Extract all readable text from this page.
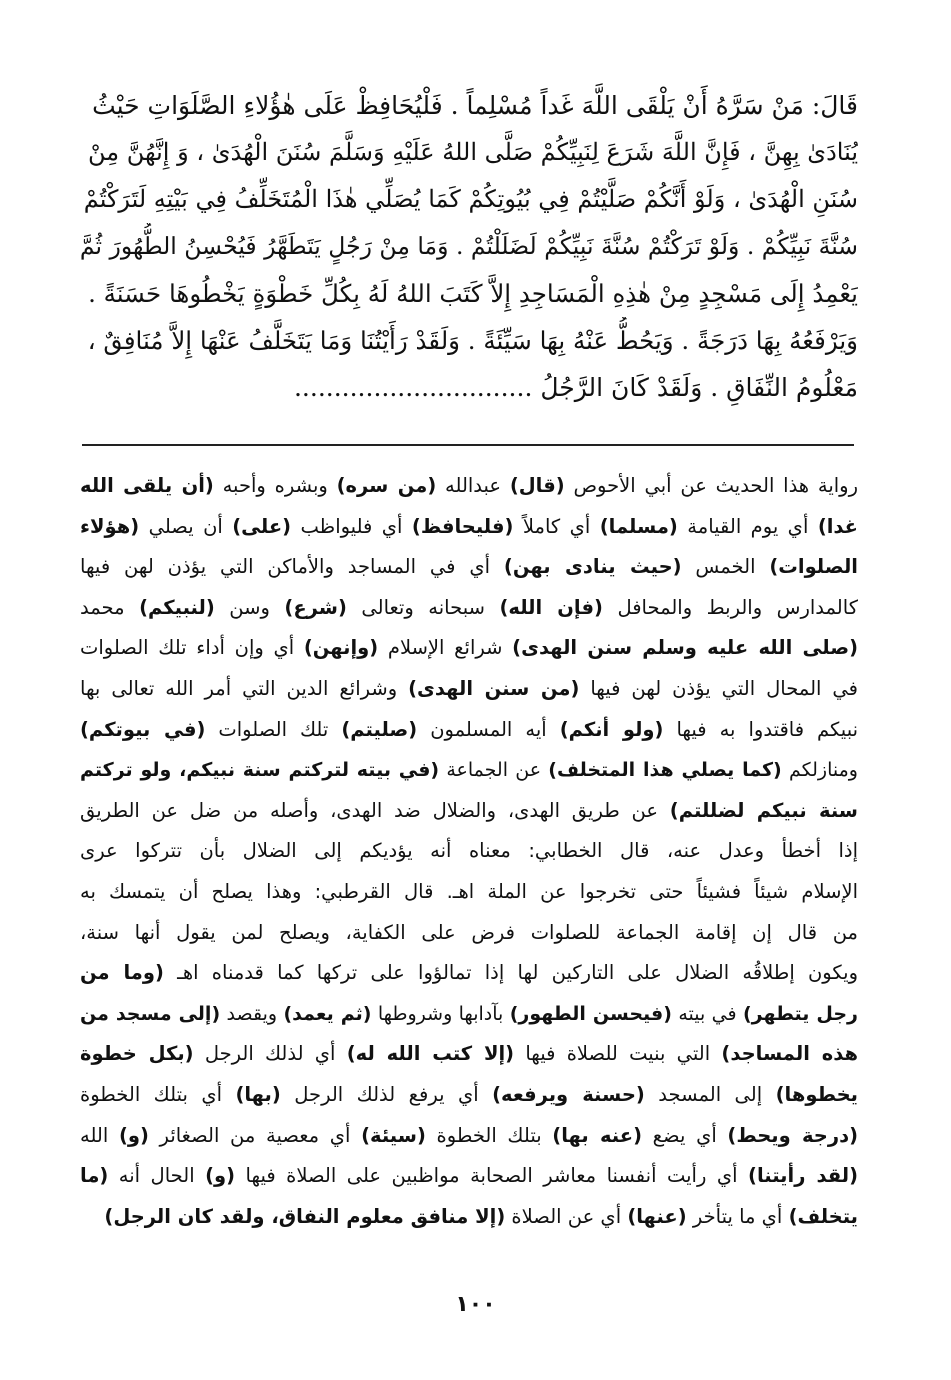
قَالَ: مَنْ سَرَّهُ أَنْ يَلْقَى اللَّهَ غَداً مُسْلِماً . فَلْيُحَافِظْ عَلَى هٰؤُلاءِ الصَّلَوَاتِ حَيْثُ
يُنَادَىٰ بِهِنَّ ، فَإِنَّ اللَّهَ شَرَعَ لِنَبِيِّكُمْ صَلَّى اللهُ عَلَيْهِ وَسَلَّمَ سُنَنَ الْهُدَىٰ ، وَ إِنَّهُنَّ مِنْ
سُنَنِ الْهُدَىٰ ، وَلَوْ أَنَّكُمْ صَلَّيْتُمْ فِي بُيُوتِكُمْ كَمَا يُصَلِّي هٰذَا الْمُتَخَلِّفُ فِي بَيْتِهِ لَتَرَكْتُمْ
سُنَّةَ نَبِيِّكُمْ . وَلَوْ تَرَكْتُمْ سُنَّةَ نَبِيِّكُمْ لَضَلَلْتُمْ . وَمَا مِنْ رَجُلٍ يَتَطَهَّرُ فَيُحْسِنُ الطُّهُورَ ثُمَّ
يَعْمِدُ إِلَى مَسْجِدٍ مِنْ هٰذِهِ الْمَسَاجِدِ إِلاَّ كَتَبَ اللهُ لَهُ بِكُلِّ خَطْوَةٍ يَخْطُوهَا حَسَنَةً .
وَيَرْفَعُهُ بِهَا دَرَجَةً . وَيَحُطُّ عَنْهُ بِهَا سَيِّئَةً . وَلَقَدْ رَأَيْتُنَا وَمَا يَتَخَلَّفُ عَنْهَا إِلاَّ مُنَافِقٌ ،
مَعْلُومُ النِّفَاقِ . وَلَقَدْ كَانَ الرَّجُلُ ..............................
رواية هذا الحديث عن أبي الأحوص (قال) عبدالله (من سره) وبشره وأحبه (أن يلقى الله
غدا) أي يوم القيامة (مسلما) أي كاملاً (فليحافظ) أي فليواظب (على) أن يصلي (هؤلاء
الصلوات) الخمس (حيث ينادى بهن) أي في المساجد والأماكن التي يؤذن لهن فيها
كالمدارس والربط والمحافل (فإن الله) سبحانه وتعالى (شرع) وسن (لنبيكم) محمد
(صلى الله عليه وسلم سنن الهدى) شرائع الإسلام (وإنهن) أي وإن أداء تلك الصلوات
في المحال التي يؤذن لهن فيها (من سنن الهدى) وشرائع الدين التي أمر الله تعالى بها
نبيكم فاقتدوا به فيها (ولو أنكم) أيه المسلمون (صليتم) تلك الصلوات (في بيوتكم)
ومنازلكم (كما يصلي هذا المتخلف) عن الجماعة (في بيته لتركتم سنة نبيكم، ولو تركتم
سنة نبيكم لضللتم) عن طريق الهدى، والضلال ضد الهدى، وأصله من ضل عن الطريق
إذا أخطأ وعدل عنه، قال الخطابي: معناه أنه يؤديكم إلى الضلال بأن تتركوا عرى
الإسلام شيئاً فشيئاً حتى تخرجوا عن الملة اهـ. قال القرطبي: وهذا يصلح أن يتمسك به
من قال إن إقامة الجماعة للصلوات فرض على الكفاية، ويصلح لمن يقول أنها سنة،
ويكون إطلاقُه الضلال على التاركين لها إذا تمالؤوا على تركها كما قدمناه اهـ (وما من
رجل يتطهر) في بيته (فيحسن الطهور) بآدابها وشروطها (ثم يعمد) ويقصد (إلى مسجد من
هذه المساجد) التي بنيت للصلاة فيها (إلا كتب الله له) أي لذلك الرجل (بكل خطوة
يخطوها) إلى المسجد (حسنة ويرفعه) أي يرفع لذلك الرجل (بها) أي بتلك الخطوة
(درجة ويحط) أي يضع (عنه بها) بتلك الخطوة (سيئة) أي معصية من الصغائر (و) الله
(لقد رأيتنا) أي رأيت أنفسنا معاشر الصحابة مواظبين على الصلاة فيها (و) الحال أنه (ما
يتخلف) أي ما يتأخر (عنها) أي عن الصلاة (إلا منافق معلوم النفاق، ولقد كان الرجل)
١٠٠
